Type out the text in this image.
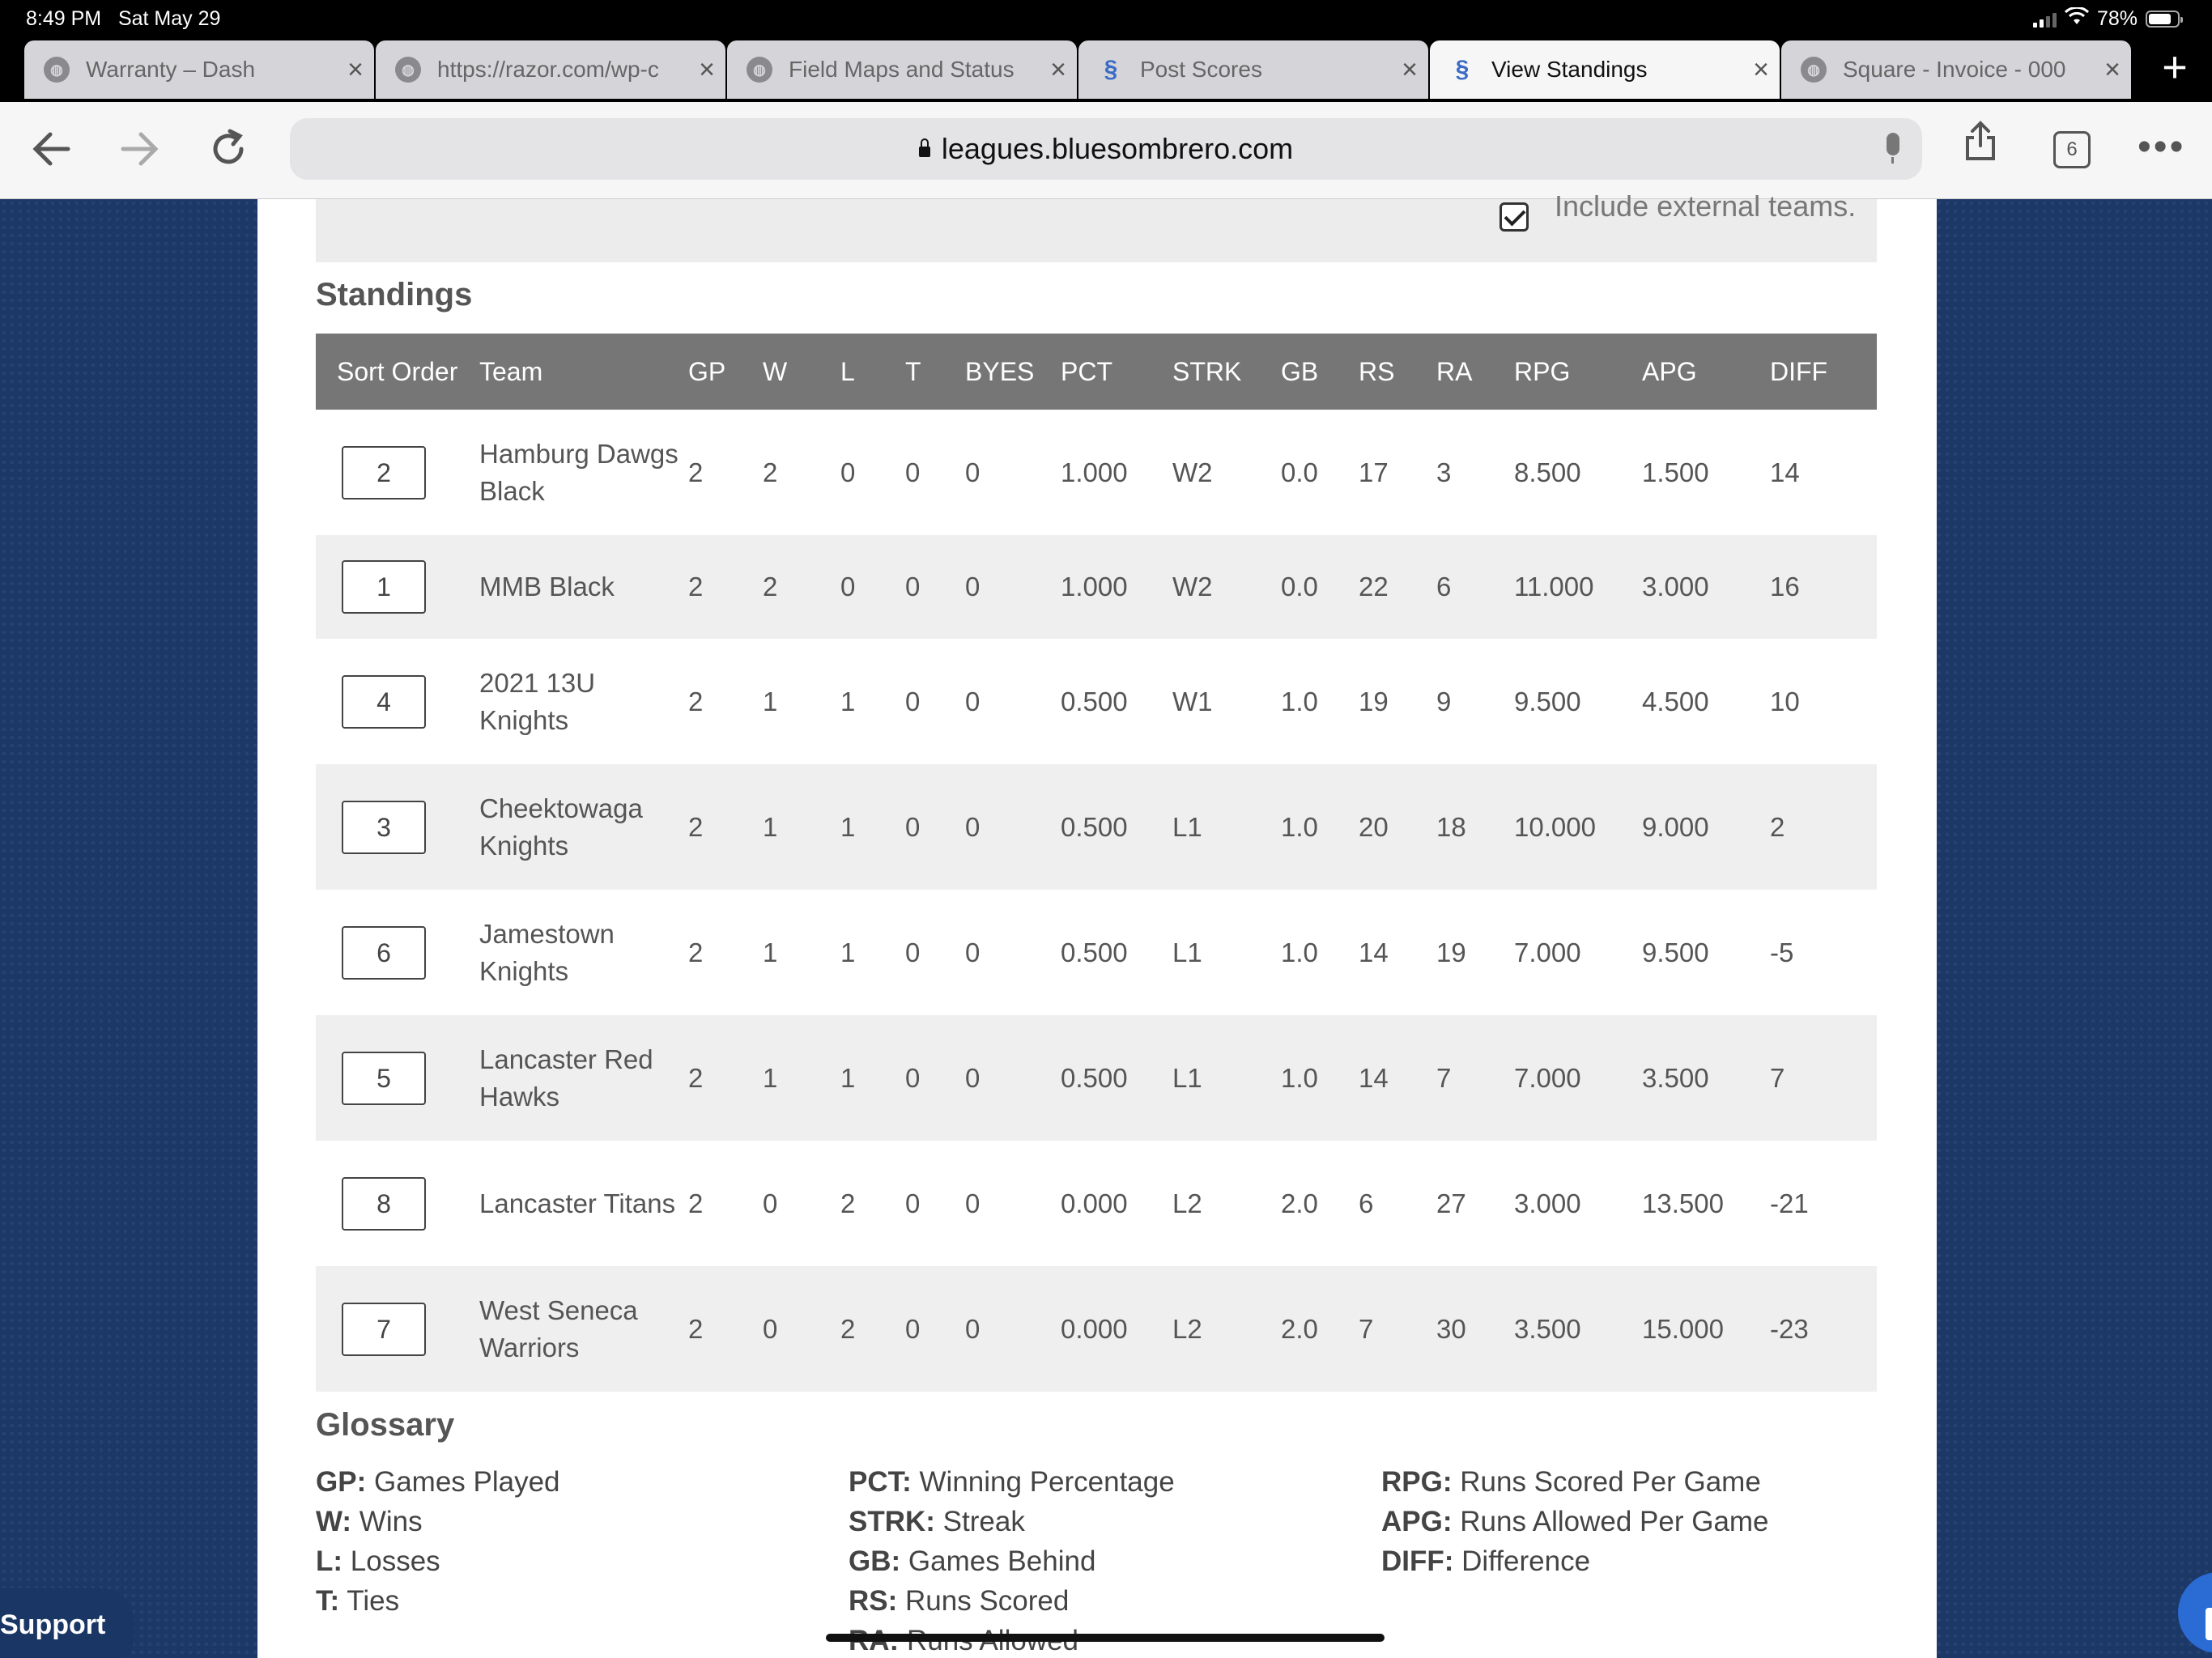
8:49 PM Sat May 29	78%
◍ Warranty – Dash	×	◍ https://razor.com/wp-c	×	◍ Field Maps and Status	×	§ Post Scores	×	§ View Standings	×	◍ Square - Invoice - 000	× +
leagues.bluesombrero.com	6	•••
Include external teams.
Standings
Sort Order	Team	GP	W	L	T	BYES	PCT	STRK	GB	RS	RA	RPG	APG	DIFF

2	Hamburg Dawgs Black	2	2	0	0	0	1.000	W2	0.0	17	3	8.500	1.500	14

1	MMB Black	2	2	0	0	0	1.000	W2	0.0	22	6	11.000	3.000	16

4	2021 13U Knights	2	1	1	0	0	0.500	W1	1.0	19	9	9.500	4.500	10

3	Cheektowaga Knights	2	1	1	0	0	0.500	L1	1.0	20	18	10.000	9.000	2

6	Jamestown Knights	2	1	1	0	0	0.500	L1	1.0	14	19	7.000	9.500	-5

5	Lancaster Red Hawks	2	1	1	0	0	0.500	L1	1.0	14	7	7.000	3.500	7

8	Lancaster Titans	2	0	2	0	0	0.000	L2	2.0	6	27	3.000	13.500	-21

7	West Seneca Warriors	2	0	2	0	0	0.000	L2	2.0	7	30	3.500	15.000	-23
Glossary
GP: Games Played
W: Wins
L: Losses
T: Ties
PCT: Winning Percentage
STRK: Streak
GB: Games Behind
RS: Runs Scored
RPG: Runs Scored Per Game
APG: Runs Allowed Per Game
DIFF: Difference
Support
